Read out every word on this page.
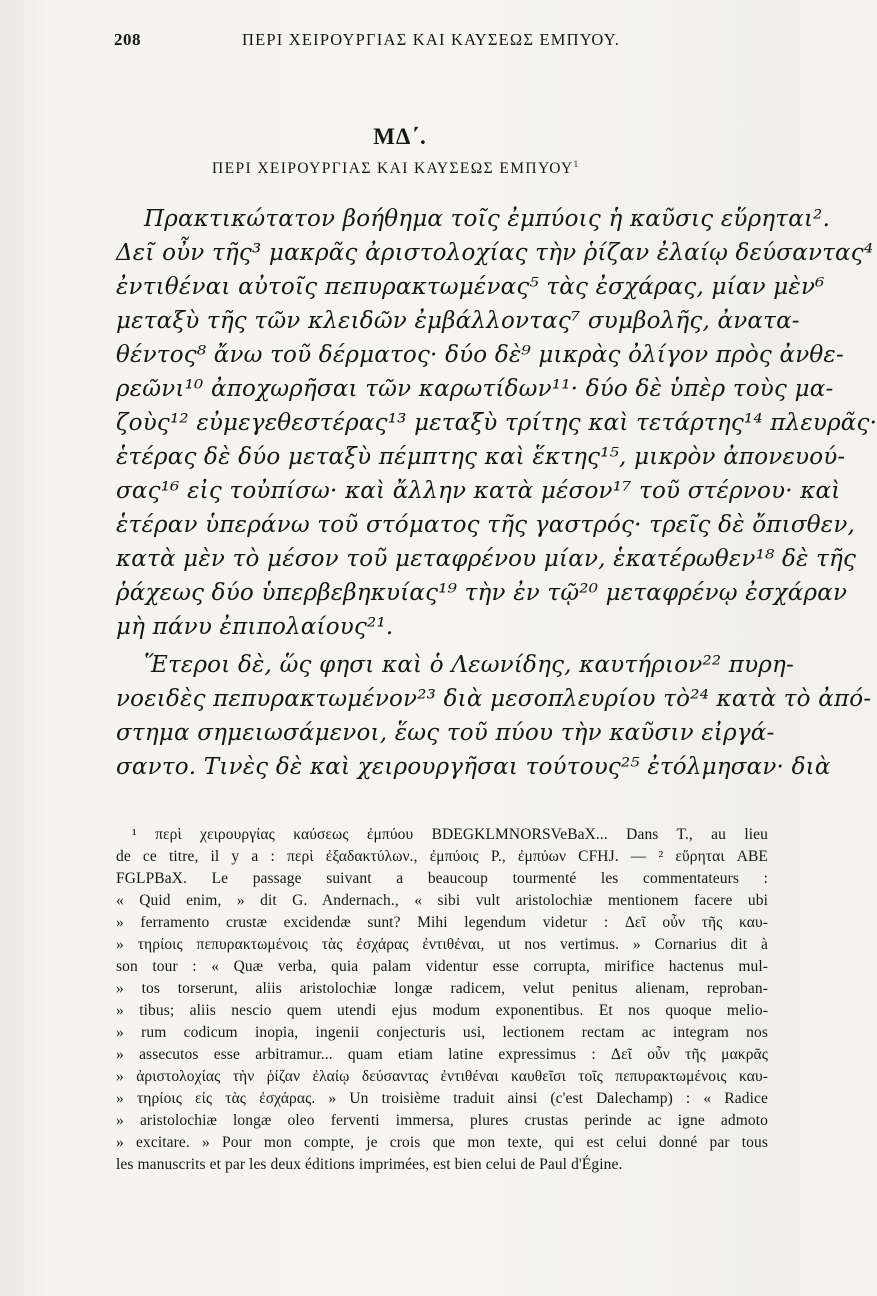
208	ΠΕΡΙ ΧΕΙΡΟΥΡΓΙΑΣ ΚΑΙ ΚΑΥΣΕΩΣ ΕΜΠΥΟΥ.
ΜΔ΄.
ΠΕΡΙ ΧΕΙΡΟΥΡΓΙΑΣ ΚΑΙ ΚΑΥΣΕΩΣ ΕΜΠΥΟΥ$^1$
Πρακτικώτατον βοήθημα τοῖς ἐμπύοις ἡ καῦσις εὕρηται².
Δεῖ οὖν τῆς³ μακρᾶς ἀριστολοχίας τὴν ῥίζαν ἐλαίῳ δεύσαντας⁴
ἐντιθέναι αὐτοῖς πεπυρακτωμένας⁵ τὰς ἐσχάρας, μίαν μὲν⁶
μεταξὺ τῆς τῶν κλειδῶν ἐμβάλλοντας⁷ συμβολῆς, ἀνατα-
θέντος⁸ ἄνω τοῦ δέρματος· δύο δὲ⁹ μικρὰς ὀλίγον πρὸς ἀνθε-
ρεῶνι¹⁰ ἀποχωρῆσαι τῶν καρωτίδων¹¹· δύο δὲ ὑπὲρ τοὺς μα-
ζοὺς¹² εὐμεγεθεστέρας¹³ μεταξὺ τρίτης καὶ τετάρτης¹⁴ πλευρᾶς·
ἑτέρας δὲ δύο μεταξὺ πέμπτης καὶ ἕκτης¹⁵, μικρὸν ἀπονευού-
σας¹⁶ εἰς τοὐπίσω· καὶ ἄλλην κατὰ μέσον¹⁷ τοῦ στέρνου· καὶ
ἑτέραν ὑπεράνω τοῦ στόματος τῆς γαστρός· τρεῖς δὲ ὄπισθεν,
κατὰ μὲν τὸ μέσον τοῦ μεταφρένου μίαν, ἑκατέρωθεν¹⁸ δὲ τῆς
ῥάχεως δύο ὑπερβεβηκυίας¹⁹ τὴν ἐν τῷ²⁰ μεταφρένῳ ἐσχάραν
μὴ πάνυ ἐπιπολαίους²¹.
Ἕτεροι δὲ, ὥς φησι καὶ ὁ Λεωνίδης, καυτήριον²² πυρη-
νοειδὲς πεπυρακτωμένον²³ διὰ μεσοπλευρίου τὸ²⁴ κατὰ τὸ ἀπό-
στημα σημειωσάμενοι, ἕως τοῦ πύου τὴν καῦσιν εἰργά-
σαντο. Τινὲς δὲ καὶ χειρουργῆσαι τούτους²⁵ ἐτόλμησαν· διὰ
¹ περὶ χειρουργίας καύσεως ἐμπύου BDEGKLMNORSVeBaX... Dans T., au lieu
de ce titre, il y a : περὶ ἐξαδακτύλων., ἐμπύοις P., ἐμπύων CFHJ. — ² εὕρηται ABE
FGLPBaX. Le passage suivant a beaucoup tourmenté les commentateurs :
« Quid enim, » dit G. Andernach., « sibi vult aristolochiæ mentionem facere ubi
» ferramento crustæ excidendæ sunt? Mihi legendum videtur : Δεῖ οὖν τῆς καυ-
» τηρίοις πεπυρακτωμένοις τὰς ἐσχάρας ἐντιθέναι, ut nos vertimus. » Cornarius dit à
son tour : « Quæ verba, quia palam videntur esse corrupta, mirifice hactenus mul-
» tos torserunt, aliis aristolochiæ longæ radicem, velut penitus alienam, reproban-
» tibus; aliis nescio quem utendi ejus modum exponentibus. Et nos quoque melio-
» rum codicum inopia, ingenii conjecturis usi, lectionem rectam ac integram nos
» assecutos esse arbitramur... quam etiam latine expressimus : Δεῖ οὖν τῆς μακρᾶς
» ἀριστολοχίας τὴν ῥίζαν ἐλαίῳ δεύσαντας ἐντιθέναι καυθεῖσι τοῖς πεπυρακτωμένοις καυ-
» τηρίοις εἰς τὰς ἐσχάρας. » Un troisième traduit ainsi (c'est Dalechamp) : « Radice
» aristolochiæ longæ oleo ferventi immersa, plures crustas perinde ac igne admoto
» excitare. » Pour mon compte, je crois que mon texte, qui est celui donné par tous
les manuscrits et par les deux éditions imprimées, est bien celui de Paul d'Égine.
